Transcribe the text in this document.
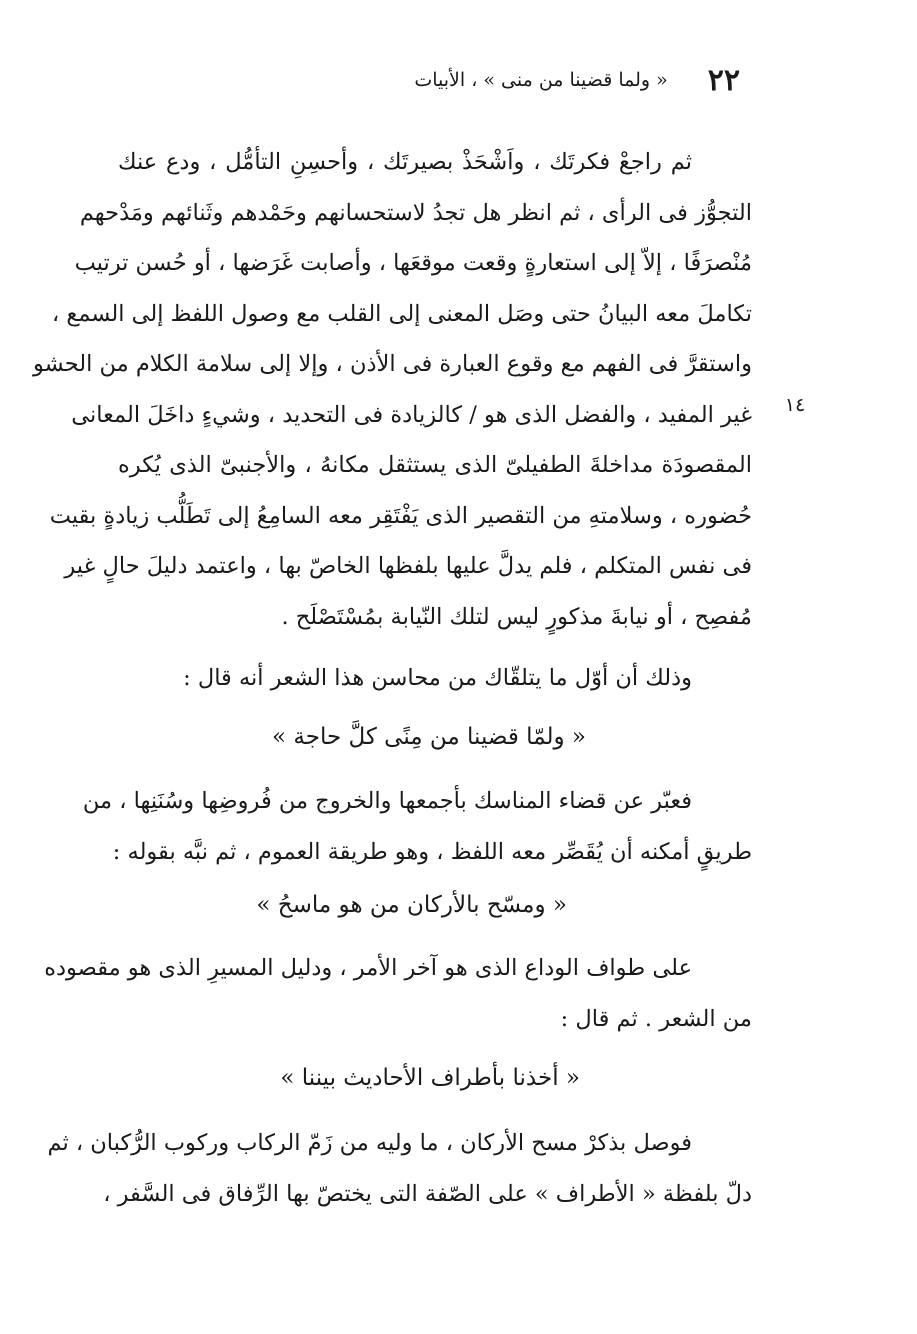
٢٢
« ولما قضينا من منى » ، الأبيات
١٤
ثم راجعْ فكرتَك ، واَشْحَذْ بصيرتَك ، وأحسِنِ التأمُّل ، ودع عنك
التجوُّز فى الرأى ، ثم انظر هل تجدُ لاستحسانهم وحَمْدهم وثَنائهم ومَدْحهم
مُنْصرَفًا ، إلاّ إلى استعارةٍ وقعت موقعَها ، وأصابت غَرَضها ، أو حُسن ترتيب
تكاملَ معه البيانُ حتى وصَل المعنى إلى القلب مع وصول اللفظ إلى السمع ،
واستقرَّ فى الفهم مع وقوع العبارة فى الأذن ، وإلا إلى سلامة الكلام من الحشو
غير المفيد ، والفضل الذى هو / كالزيادة فى التحديد ، وشيءٍ داخَلَ المعانى
المقصودَة مداخلةَ الطفيلىّ الذى يستثقل مكانهُ ، والأجنبىّ الذى يُكره
حُضوره ، وسلامتهِ من التقصير الذى يَفْتَقِر معه السامِعُ إلى تَطَلُّب زيادةٍ بقيت
فى نفس المتكلم ، فلم يدلَّ عليها بلفظها الخاصّ بها ، واعتمد دليلَ حالٍ غير
مُفصِح ، أو نيابةَ مذكورٍ ليس لتلك النّيابة بمُسْتَصْلَح .
وذلك أن أوّل ما يتلقّاك من محاسن هذا الشعر أنه قال :
« ولمّا قضينا من مِنًى كلَّ حاجة »
فعبّر عن قضاء المناسك بأجمعها والخروج من فُروضِها وسُنَنِها ، من
طريقٍ أمكنه أن يُقَصِّر معه اللفظ ، وهو طريقة العموم ، ثم نبَّه بقوله :
« ومسّح بالأركان من هو ماسحُ »
على طواف الوداع الذى هو آخر الأمر ، ودليل المسيرِ الذى هو مقصوده
من الشعر . ثم قال :
« أخذنا بأطراف الأحاديث بيننا »
فوصل بذكرْ مسح الأركان ، ما وليه من زَمّ الركاب وركوب الرُّكبان ، ثم
دلّ بلفظة « الأطراف » على الصّفة التى يختصّ بها الرِّفاق فى السَّفر ،
